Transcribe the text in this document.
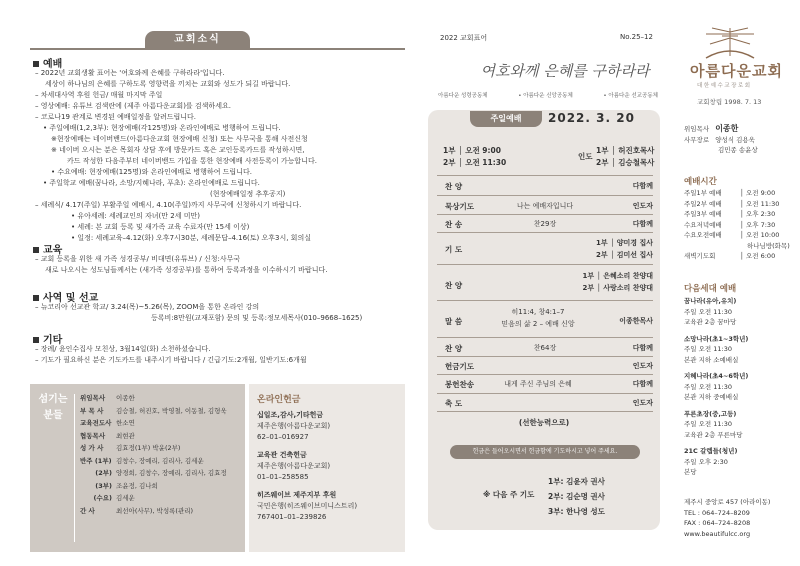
교회소식
예배
– 2022년 교회생활 표어는 '여호와께 은혜를 구하라라'입니다.
세상이 하나님의 은혜를 구하도록 영향력을 끼치는 교회와 성도가 되길 바랍니다.
– 차세대사역 후원 헌금/ 매월 마지막 주일
– 영상예배: 유튜브 검색란에 (제주 아름다운교회)를 검색하세요.
– 코로나19 관계로 변경된 예배일정을 알려드립니다.
• 주일예배(1,2,3부): 현장예배(각125명)와 온라인예배로 병행하여 드립니다.
※현장예배는 네이버밴드(아름다운교회 현장예배 신청) 또는 사무국을 통해 사전신청
※ 네이버 오시는 분은 목회자 상담 후에 방문카드 혹은 교인등록카드를 작성하시면,
카드 작성한 다음주부터 네이버밴드 가입을 통한 현장예배 사전등록이 가능합니다.
• 수요예배: 현장예배(125명)와 온라인예배로 병행하여 드립니다.
• 주일학교 예배(꿈나라, 소망/지혜나라, 푸초): 온라인예배로 드립니다.
(현장예배일정 추후공지)
– 세례식/ 4.17(주일) 부활주일 예배시, 4.10(주일)까지 사무국에 신청하시기 바랍니다.
• 유아세례: 세례교인의 자녀(만 2세 미만)
• 세례: 본 교회 등록 및 새가족 교육 수료자(만 15세 이상)
• 일정: 세례교육–4.12(화) 오후7시30분, 세례문답–4.16(토) 오후3시, 회의실
교육
– 교회 등록을 위한 새 가족 성경공부/ 비대면(유튜브) / 신청:사무국
새로 나오시는 성도님들께서는 (새가족 성경공부)를 통하여 등록과정을 이수하시기 바랍니다.
사역 및 선교
– 뉴코리아 선교관 학교/ 3.24(목)~5.26(목), ZOOM을 통한 온라인 강의
등록비:8만원(교재포함) 문의 및 등록:정모세목사(010–9668–1625)
기타
– 장례/ 윤인수집사 모친상, 3월14일(화) 소천하셨습니다.
– 기도가 필요하신 분은 기도카드를 내주시기 바랍니다 / 긴급기도:2개월, 일반기도:6개월
섬기는
분들
위임목사 이종한
부 목 사 김승철, 허진호, 박영철, 이동철, 김형욱
교육전도사 한소연
협동목사 최현관
성 가 사 김효정(1부) 박윤(2부)
반주 (1부) 김창수, 장예리, 김리사, 김세운
(2부) 양경희, 김창수, 장예리, 김리사, 김효정
(3부) 조윤정, 김나희
(수요) 김세운
간 사	최선아(사무), 박성록(관리)
온라인헌금
십일조,감사,기타헌금
제주은행(아름다운교회)
62–01–016927
교육관 건축헌금
제주은행(아름다운교회)
01–01–258585
히즈웨이브 제주지부 후원
국민은행(히즈웨이브미니스트리)
767401–01–239826
2022 교회표어	No.25–12
여호와께 은혜를 구하라라
아름다운 성령공동체	• 아름다운 신앙공동체	• 아름다운 선교공동체
주일예배	2022. 3. 20
1부 │ 오전 9:00
2부 │ 오전 11:30
인도
1부 │ 허진호목사
2부 │ 김승철목사
찬 양	다함께
묵상기도	나는 예배자입니다	인도자
찬 송	찬29장	다함께
기 도
1부 │ 양미경 집사
2부 │ 김미선 집사
찬 양
1부 │ 은혜소리 찬양대
2부 │ 사랑소리 찬양대
말 씀
히11:4, 창4:1–7
믿음의 삶 2 – 예배 신앙	이종한목사
찬 양	찬64장	다함께
헌금기도	인도자
봉헌찬송	내게 주신 주님의 은혜	다함께
축 도	인도자
(선한능력으로)
헌금은 들어오시면서 헌금함에 기도하시고 넣어 주세요.
※ 다음 주 기도
1부: 김윤자 권사
2부: 김순명 권사
3부: 한나영 성도
아름다운교회
대한예수교장로회
교회창립 1998. 7. 13
위임목사 이종한
사무장로 양성식 김용욱
김민종 송윤상
예배시간
주일1부 예배	│ 오전 9:00
주일2부 예배	│ 오전 11:30
주일3부 예배	│ 오후 2:30
수요저녁예배	│ 오후 7:30
수요오전예배	│ 오전 10:00
하나님방(화목)
새벽기도회	│ 오전 6:00
다음세대 예배
꿈나라(유아,유치)
주일 오전 11:30
교육관 2층 꿈마당
소망나라(초1~3학년)
주일 오전 11:30
본관 지하 소예배실
지혜나라(초4~6학년)
주일 오전 11:30
본관 지하 중예배실
푸른초장(중,고등)
주일 오전 11:30
교육관 2층 푸른마당
21C 갈렙들(청년)
주일 오후 2:30
본당
제주시 중앙로 457 (아라이동)
TEL : 064–724–8209
FAX : 064–724–8208
www.beautifulcc.org
